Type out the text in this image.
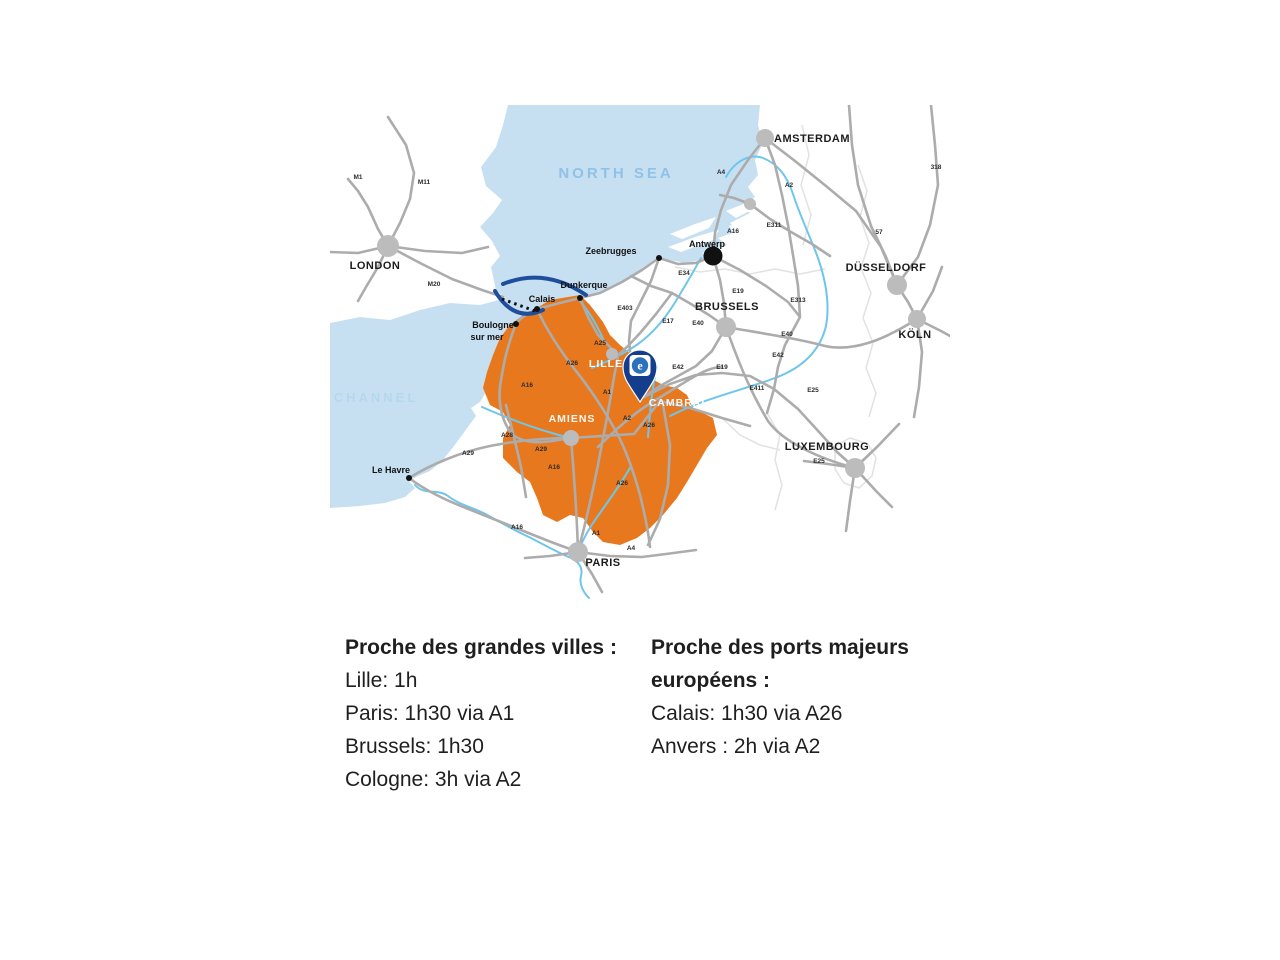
LONDON
AMSTERDAM
BRUSSELS
DÜSSELDORF
KÖLN
LUXEMBOURG
PARIS
LILLE
AMIENS
CAMBRAI
Zeebrugges
Antwerp
Dunkerque
Calais
Boulogne
sur mer
Le Havre
M1
M11
M20
A4
A2
E311
A16	57
318
E34
E19
E313
E403
E17	E40
E40
E42	E19
E411	E25
E42
E25
A25
A26
A1
A2
A26
A16
A16
A29
A28
A29
A16
A1
A4
A26
NORTH SEA
CHANNEL
e
Proche des grandes villes :
Lille: 1h
Paris: 1h30 via A1
Brussels: 1h30
Cologne: 3h via A2
Proche des ports majeurs européens :
Calais: 1h30 via A26
Anvers : 2h via A2
